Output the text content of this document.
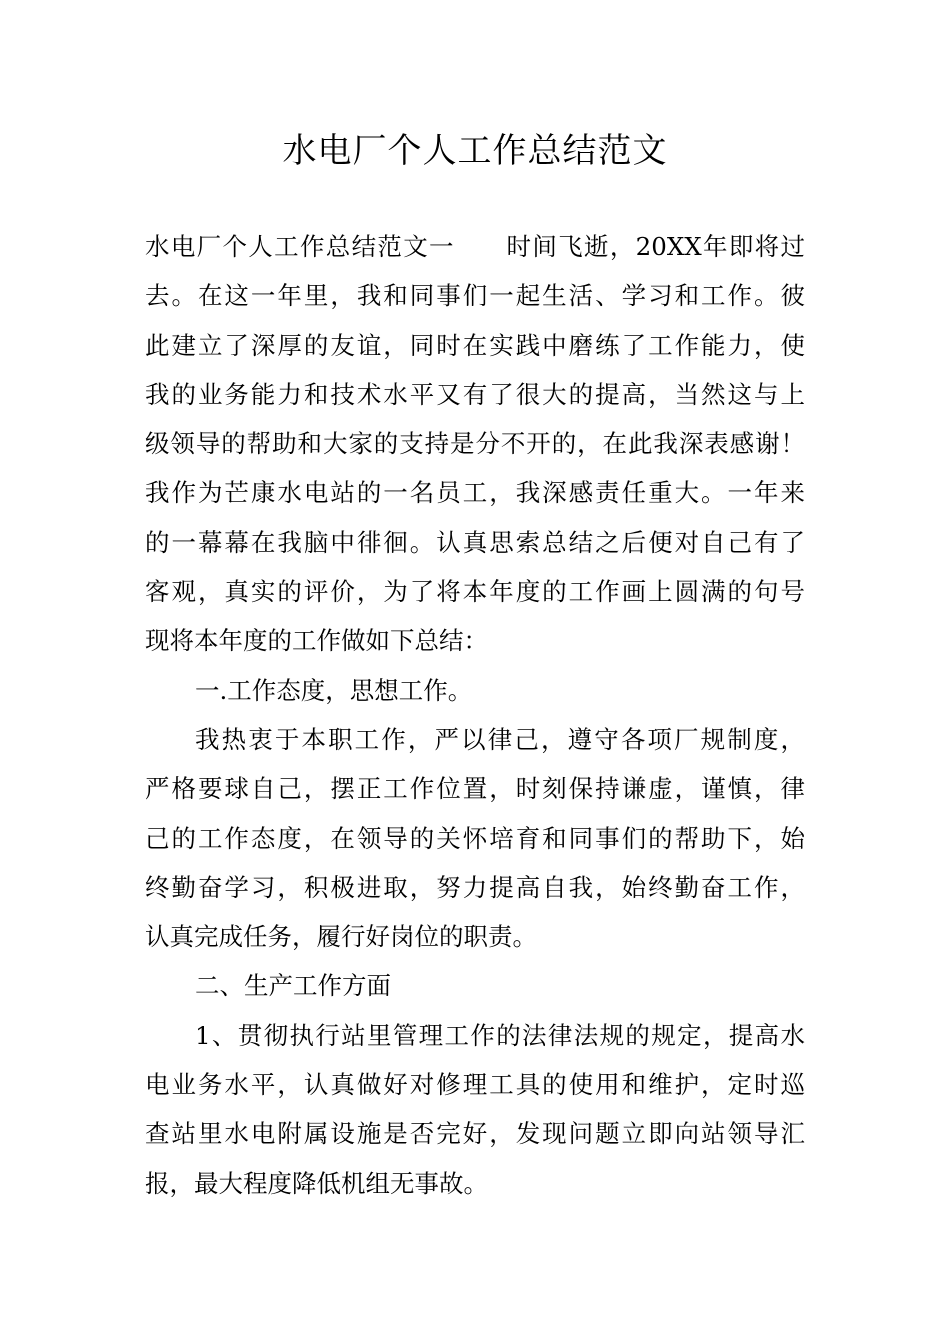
水电厂个人工作总结范文
水电厂个人工作总结范文一　　时间飞逝，20XX年即将过
去。在这一年里，我和同事们一起生活、学习和工作。彼
此建立了深厚的友谊，同时在实践中磨练了工作能力，使
我的业务能力和技术水平又有了很大的提高，当然这与上
级领导的帮助和大家的支持是分不开的，在此我深表感谢！
我作为芒康水电站的一名员工，我深感责任重大。一年来
的一幕幕在我脑中徘徊。认真思索总结之后便对自己有了
客观，真实的评价，为了将本年度的工作画上圆满的句号
现将本年度的工作做如下总结：
一.工作态度，思想工作。
我热衷于本职工作，严以律己，遵守各项厂规制度，
严格要球自己，摆正工作位置，时刻保持谦虚，谨慎，律
己的工作态度，在领导的关怀培育和同事们的帮助下，始
终勤奋学习，积极进取，努力提高自我，始终勤奋工作，
认真完成任务，履行好岗位的职责。
二、生产工作方面
1、贯彻执行站里管理工作的法律法规的规定，提高水
电业务水平，认真做好对修理工具的使用和维护，定时巡
查站里水电附属设施是否完好，发现问题立即向站领导汇
报，最大程度降低机组无事故。
